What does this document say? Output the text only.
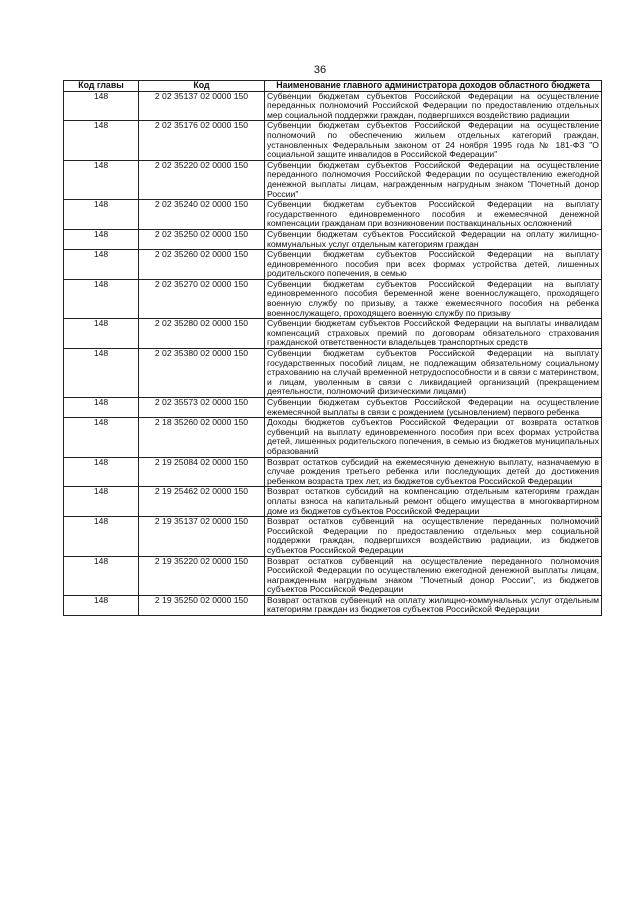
36
Код главы	Код	Наименование главного администратора доходов областного бюджета
148	2 02 35137 02 0000 150	Субвенции бюджетам субъектов Российской Федерации на осуществление переданных полномочий Российской Федерации по предоставлению отдельных мер социальной поддержки граждан, подвергшихся воздействию радиации
148	2 02 35176 02 0000 150	Субвенции бюджетам субъектов Российской Федерации на осуществление полномочий по обеспечению жильем отдельных категорий граждан, установленных Федеральным законом от 24 ноября 1995 года № 181-ФЗ "О социальной защите инвалидов в Российской Федерации"
148	2 02 35220 02 0000 150	Субвенции бюджетам субъектов Российской Федерации на осуществление переданного полномочия Российской Федерации по осуществлению ежегодной денежной выплаты лицам, награжденным нагрудным знаком "Почетный донор России"
148	2 02 35240 02 0000 150	Субвенции бюджетам субъектов Российской Федерации на выплату государственного единовременного пособия и ежемесячной денежной компенсации гражданам при возникновении поствакцинальных осложнений
148	2 02 35250 02 0000 150	Субвенции бюджетам субъектов Российской Федерации на оплату жилищно-коммунальных услуг отдельным категориям граждан
148	2 02 35260 02 0000 150	Субвенции бюджетам субъектов Российской Федерации на выплату единовременного пособия при всех формах устройства детей, лишенных родительского попечения, в семью
148	2 02 35270 02 0000 150	Субвенции бюджетам субъектов Российской Федерации на выплату единовременного пособия беременной жене военнослужащего, проходящего военную службу по призыву, а также ежемесячного пособия на ребенка военнослужащего, проходящего военную службу по призыву
148	2 02 35280 02 0000 150	Субвенции бюджетам субъектов Российской Федерации на выплаты инвалидам компенсаций страховых премий по договорам обязательного страхования гражданской ответственности владельцев транспортных средств
148	2 02 35380 02 0000 150	Субвенции бюджетам субъектов Российской Федерации на выплату государственных пособий лицам, не подлежащим обязательному социальному страхованию на случай временной нетрудоспособности и в связи с материнством, и лицам, уволенным в связи с ликвидацией организаций (прекращением деятельности, полномочий физическими лицами)
148	2 02 35573 02 0000 150	Субвенции бюджетам субъектов Российской Федерации на осуществление ежемесячной выплаты в связи с рождением (усыновлением) первого ребенка
148	2 18 35260 02 0000 150	Доходы бюджетов субъектов Российской Федерации от возврата остатков субвенций на выплату единовременного пособия при всех формах устройства детей, лишенных родительского попечения, в семью из бюджетов муниципальных образований
148	2 19 25084 02 0000 150	Возврат остатков субсидий на ежемесячную денежную выплату, назначаемую в случае рождения третьего ребенка или последующих детей до достижения ребенком возраста трех лет, из бюджетов субъектов Российской Федерации
148	2 19 25462 02 0000 150	Возврат остатков субсидий на компенсацию отдельным категориям граждан оплаты взноса на капитальный ремонт общего имущества в многоквартирном доме из бюджетов субъектов Российской Федерации
148	2 19 35137 02 0000 150	Возврат остатков субвенций на осуществление переданных полномочий Российской Федерации по предоставлению отдельных мер социальной поддержки граждан, подвергшихся воздействию радиации, из бюджетов субъектов Российской Федерации
148	2 19 35220 02 0000 150	Возврат остатков субвенций на осуществление переданного полномочия Российской Федерации по осуществлению ежегодной денежной выплаты лицам, награжденным нагрудным знаком "Почетный донор России", из бюджетов субъектов Российской Федерации
148	2 19 35250 02 0000 150	Возврат остатков субвенций на оплату жилищно-коммунальных услуг отдельным категориям граждан из бюджетов субъектов Российской Федерации
